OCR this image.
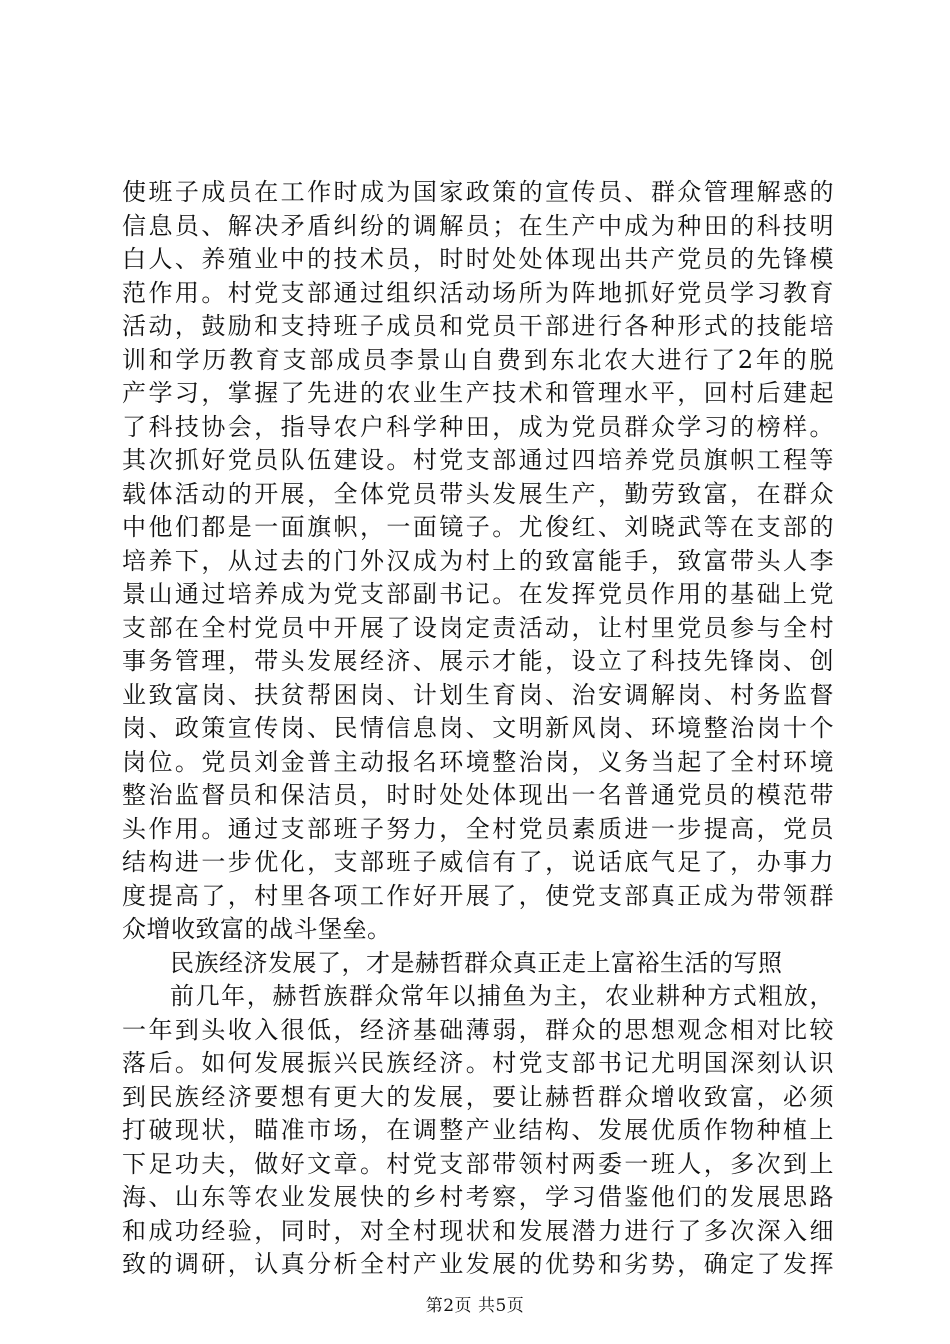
使班子成员在工作时成为国家政策的宣传员、群众管理解惑的
信息员、解决矛盾纠纷的调解员；在生产中成为种田的科技明
白人、养殖业中的技术员，时时处处体现出共产党员的先锋模
范作用。村党支部通过组织活动场所为阵地抓好党员学习教育
活动，鼓励和支持班子成员和党员干部进行各种形式的技能培
训和学历教育支部成员李景山自费到东北农大进行了2年的脱
产学习，掌握了先进的农业生产技术和管理水平，回村后建起
了科技协会，指导农户科学种田，成为党员群众学习的榜样。
其次抓好党员队伍建设。村党支部通过四培养党员旗帜工程等
载体活动的开展，全体党员带头发展生产，勤劳致富，在群众
中他们都是一面旗帜，一面镜子。尤俊红、刘晓武等在支部的
培养下，从过去的门外汉成为村上的致富能手，致富带头人李
景山通过培养成为党支部副书记。在发挥党员作用的基础上党
支部在全村党员中开展了设岗定责活动，让村里党员参与全村
事务管理，带头发展经济、展示才能，设立了科技先锋岗、创
业致富岗、扶贫帮困岗、计划生育岗、治安调解岗、村务监督
岗、政策宣传岗、民情信息岗、文明新风岗、环境整治岗十个
岗位。党员刘金普主动报名环境整治岗，义务当起了全村环境
整治监督员和保洁员，时时处处体现出一名普通党员的模范带
头作用。通过支部班子努力，全村党员素质进一步提高，党员
结构进一步优化，支部班子威信有了，说话底气足了，办事力
度提高了，村里各项工作好开展了，使党支部真正成为带领群
众增收致富的战斗堡垒。
民族经济发展了，才是赫哲群众真正走上富裕生活的写照
前几年，赫哲族群众常年以捕鱼为主，农业耕种方式粗放，
一年到头收入很低，经济基础薄弱，群众的思想观念相对比较
落后。如何发展振兴民族经济。村党支部书记尤明国深刻认识
到民族经济要想有更大的发展，要让赫哲群众增收致富，必须
打破现状，瞄准市场，在调整产业结构、发展优质作物种植上
下足功夫，做好文章。村党支部带领村两委一班人，多次到上
海、山东等农业发展快的乡村考察，学习借鉴他们的发展思路
和成功经验，同时，对全村现状和发展潜力进行了多次深入细
致的调研，认真分析全村产业发展的优势和劣势，确定了发挥
第2页 共5页
